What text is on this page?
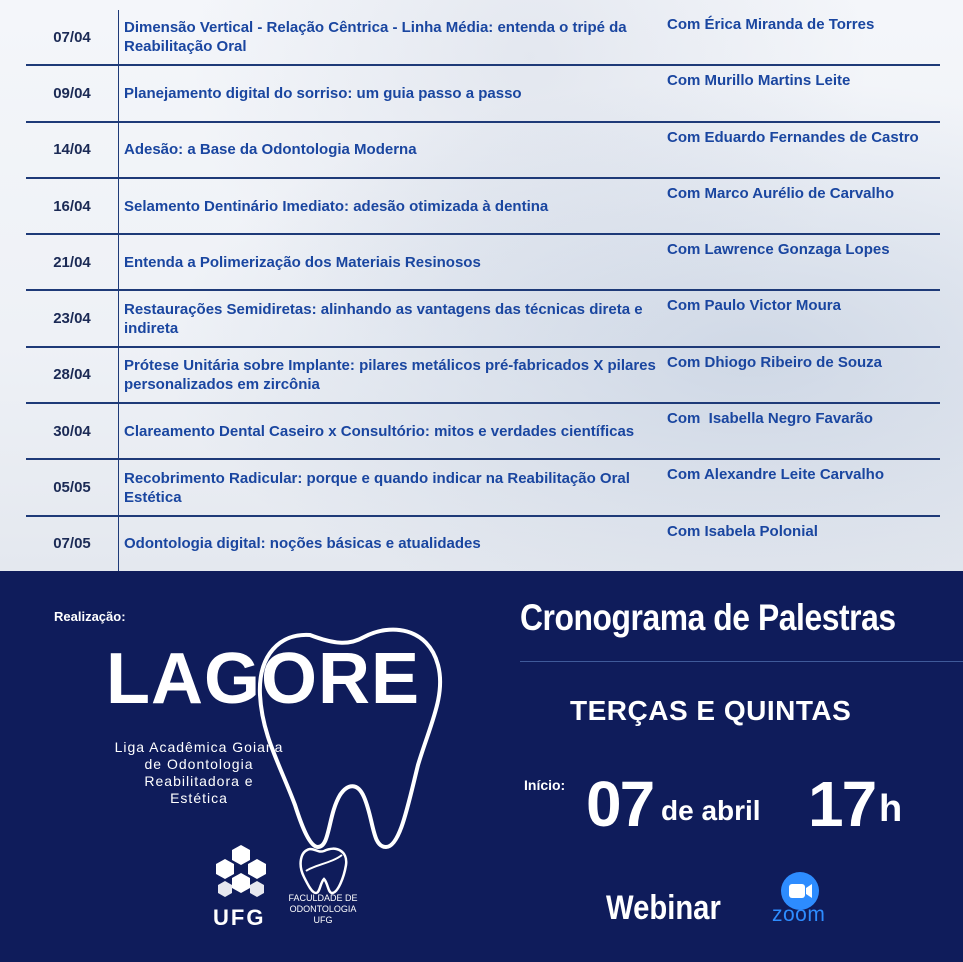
07/04
Dimensão Vertical - Relação Cêntrica - Linha Média: entenda o tripé da Reabilitação Oral
Com Érica Miranda de Torres
09/04	Planejamento digital do sorriso: um guia passo a passo
Com Murillo Martins Leite
14/04	Adesão: a Base da Odontologia Moderna
Com Eduardo Fernandes de Castro
16/04	Selamento Dentinário Imediato: adesão otimizada à dentina
Com Marco Aurélio de Carvalho
21/04	Entenda a Polimerização dos Materiais Resinosos
Com Lawrence Gonzaga Lopes
23/04
Restaurações Semidiretas: alinhando as vantagens das técnicas direta e indireta
Com Paulo Victor Moura
28/04
Prótese Unitária sobre Implante: pilares metálicos pré-fabricados X pilares personalizados em zircônia
Com Dhiogo Ribeiro de Souza
30/04	Clareamento Dental Caseiro x Consultório: mitos e verdades científicas
Com  Isabella Negro Favarão
05/05
Recobrimento Radicular: porque e quando indicar na Reabilitação Oral Estética
Com Alexandre Leite Carvalho
07/05	Odontologia digital: noções básicas e atualidades
Com Isabela Polonial
Realização:
LAGORE
Liga Acadêmica Goiana
de Odontologia
Reabilitadora e
Estética
UFG
FACULDADE DE
ODONTOLOGIA
UFG
Cronograma de Palestras
TERÇAS E QUINTAS
Início: 07 de abril 17 h
Webinar zoom
